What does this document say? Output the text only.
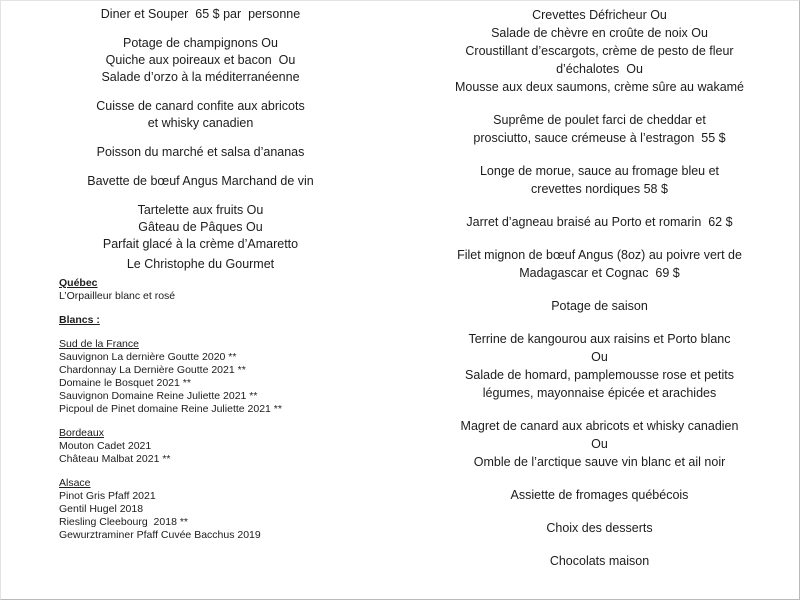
Diner et Souper  65 $ par  personne
Potage de champignons Ou
Quiche aux poireaux et bacon  Ou
Salade d’orzo à la méditerranéenne
Cuisse de canard confite aux abricots
et whisky canadien
Poisson du marché et salsa d’ananas
Bavette de bœuf Angus Marchand de vin
Tartelette aux fruits Ou
Gâteau de Pâques Ou
Parfait glacé à la crème d’Amaretto
Le Christophe du Gourmet
Québec
L’Orpailleur blanc et rosé
Blancs :
Sud de la France
Sauvignon La dernière Goutte 2020 **
Chardonnay La Dernière Goutte 2021 **
Domaine le Bosquet 2021 **
Sauvignon Domaine Reine Juliette 2021 **
Picpoul de Pinet domaine Reine Juliette 2021 **
Bordeaux
Mouton Cadet 2021
Château Malbat 2021 **
Alsace
Pinot Gris Pfaff 2021
Gentil Hugel 2018
Riesling Cleebourg  2018 **
Gewurztraminer Pfaff Cuvée Bacchus 2019
Crevettes Défricheur Ou
Salade de chèvre en croûte de noix Ou
Croustillant d’escargots, crème de pesto de fleur
d’échalotes  Ou
Mousse aux deux saumons, crème sûre au wakamé
Suprême de poulet farci de cheddar et
prosciutto, sauce crémeuse à l’estragon  55 $
Longe de morue, sauce au fromage bleu et
crevettes nordiques 58 $
Jarret d’agneau braisé au Porto et romarin  62 $
Filet mignon de bœuf Angus (8oz) au poivre vert de
Madagascar et Cognac  69 $
Potage de saison
Terrine de kangourou aux raisins et Porto blanc
Ou
Salade de homard, pamplemousse rose et petits
légumes, mayonnaise épicée et arachides
Magret de canard aux abricots et whisky canadien
Ou
Omble de l’arctique sauve vin blanc et ail noir
Assiette de fromages québécois
Choix des desserts
Chocolats maison
